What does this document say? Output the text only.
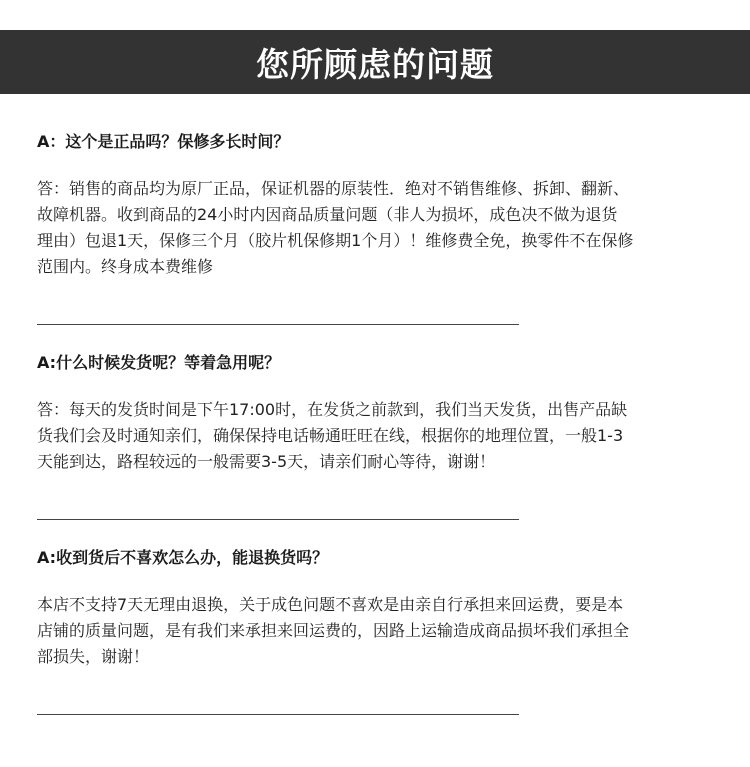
您所顾虑的问题
A：这个是正品吗？保修多长时间？
答：销售的商品均为原厂正品，保证机器的原装性．绝对不销售维修、拆卸、翻新、
故障机器。收到商品的24小时内因商品质量问题（非人为损坏，成色决不做为退货
理由）包退1天，保修三个月（胶片机保修期1个月）！维修费全免，换零件不在保修
范围内。终身成本费维修
A:什么时候发货呢？等着急用呢？
答：每天的发货时间是下午17:00时，在发货之前款到，我们当天发货，出售产品缺
货我们会及时通知亲们，确保保持电话畅通旺旺在线，根据你的地理位置，一般1-3
天能到达，路程较远的一般需要3-5天，请亲们耐心等待，谢谢！
A:收到货后不喜欢怎么办，能退换货吗？
本店不支持7天无理由退换，关于成色问题不喜欢是由亲自行承担来回运费，要是本
店铺的质量问题，是有我们来承担来回运费的，因路上运输造成商品损坏我们承担全
部损失，谢谢！
